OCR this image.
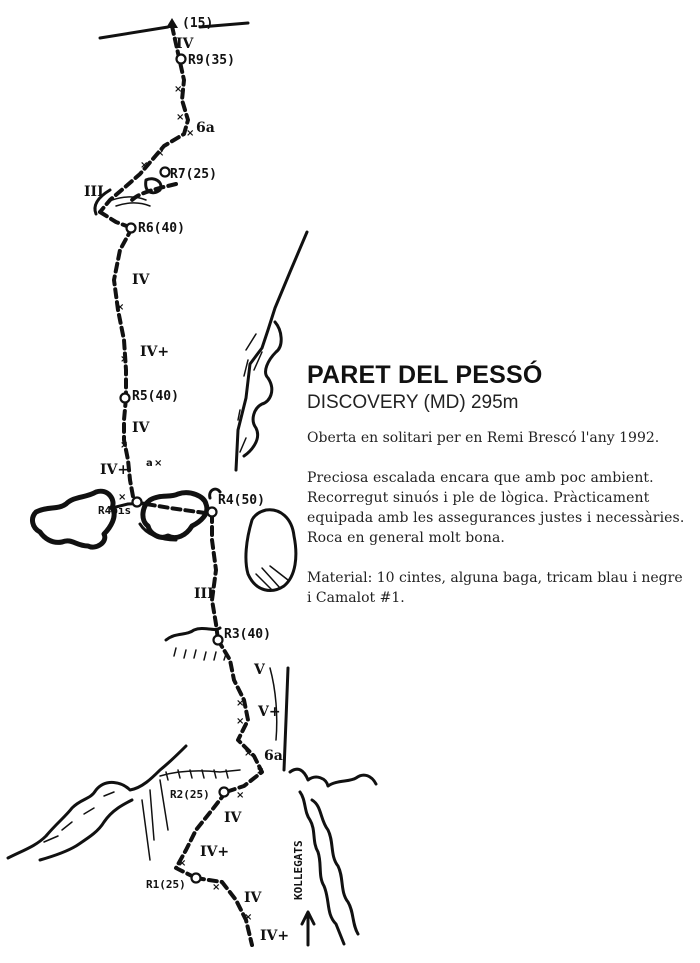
×
×
×
×
×
×
×
×
a ×
×
×
×
×
×
×
×
×
×
(15)
R9(35)
R7(25)
R6(40)
R5(40)
R4bis
R4(50)
R3(40)
R2(25)
R1(25)
IV
6a
III
IV
IV+
IV
IV+
III
V
V+
6a
IV
IV+
IV
IV+
KOLLEGATS
PARET DEL PESSÓ

DISCOVERY (MD) 295m

Oberta en solitari per en Remi Brescó l'any 1992.

Preciosa escalada encara que amb poc ambient. Recorregut sinuós i ple de lògica. Pràcticament equipada amb les assegurances justes i necessàries. Roca en general molt bona.

Material: 10 cintes, alguna baga, tricam blau i negre i Camalot #1.
